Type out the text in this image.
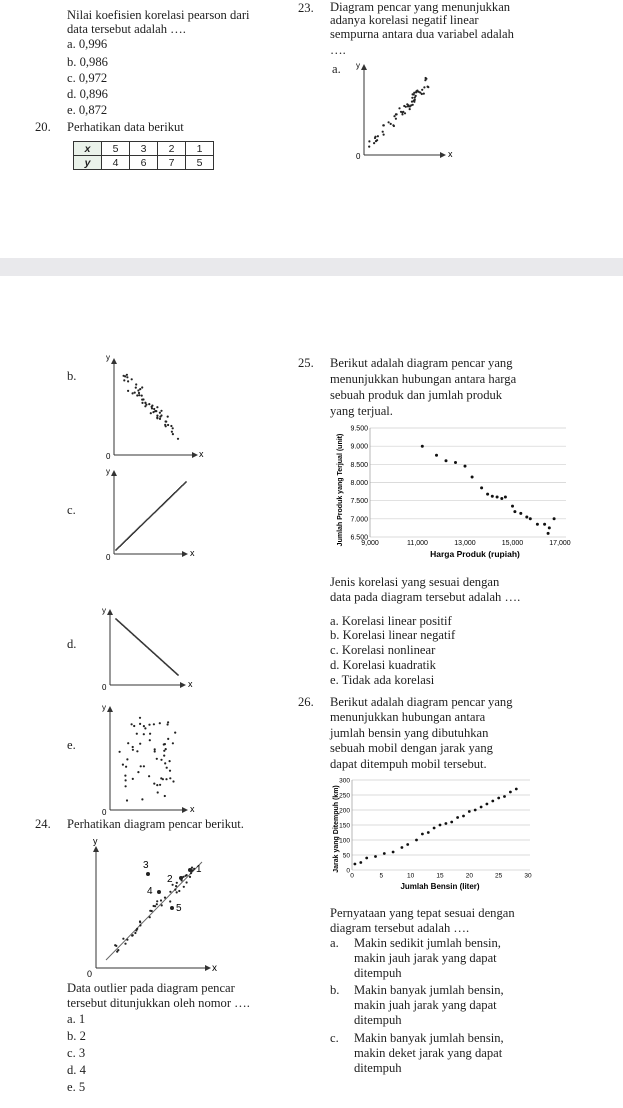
Nilai koefisien korelasi pearson dari
data tersebut adalah ….
a. 0,996
b. 0,986
c. 0,972
d. 0,896
e. 0,872
20. Perhatikan data berikut
x	5	3	2	1
y	4	6	7	5
23. Diagram pencar yang menunjukkan
adanya korelasi negatif linear
sempurna antara dua variabel adalah
….
a. y
x
0
b.
y
x
0
c.
y
x
0
d.
y
x
0
e.
y
x
0
24. Perhatikan diagram pencar berikut.
y
x
0
1
2
3
4
5
Data outlier pada diagram pencar
tersebut ditunjukkan oleh nomor ….
a. 1
b. 2
c. 3
d. 4
e. 5
25. Berikut adalah diagram pencar yang
menunjukkan hubungan antara harga
sebuah produk dan jumlah produk
yang terjual.
6.500
7.000
7.500
8.000
8.500
9.000
9.500
9,000	11,000	13,000	15,000	17,000
Harga Produk (rupiah)
Jumlah Produk yang Terjual (unit)
Jenis korelasi yang sesuai dengan
data pada diagram tersebut adalah ….
a. Korelasi linear positif
b. Korelasi linear negatif
c. Korelasi nonlinear
d. Korelasi kuadratik
e. Tidak ada korelasi
26. Berikut adalah diagram pencar yang
menunjukkan hubungan antara
jumlah bensin yang dibutuhkan
sebuah mobil dengan jarak yang
dapat ditempuh mobil tersebut.
0
50
100
150
200
250
300
0	5	10	15	20	25	30
Jumlah Bensin (liter)
Jarak yang Ditempuh (km)
Pernyataan yang tepat sesuai dengan
diagram tersebut adalah ….
a. Makin sedikit jumlah bensin,
makin jauh jarak yang dapat
ditempuh
b. Makin banyak jumlah bensin,
makin juah jarak yang dapat
ditempuh
c. Makin banyak jumlah bensin,
makin deket jarak yang dapat
ditempuh
